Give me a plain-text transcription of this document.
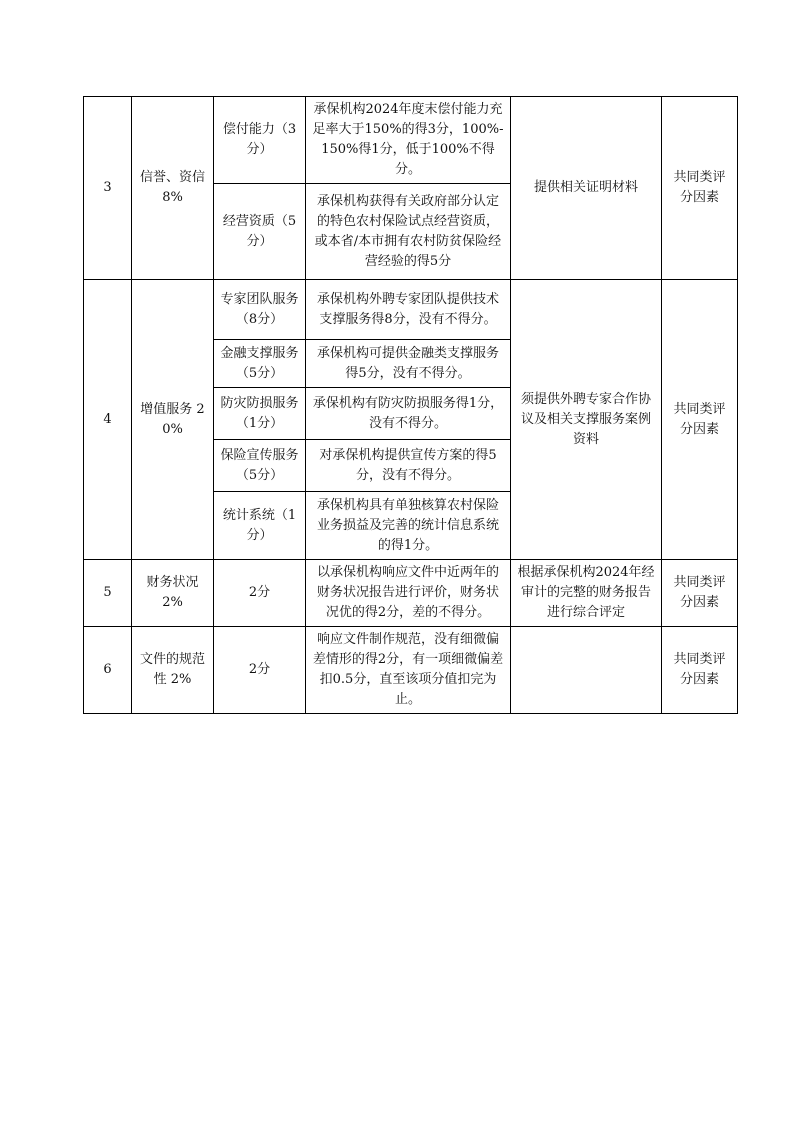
3	信誉、资信 8%	偿付能力（3分）	承保机构2024年度末偿付能力充足率大于150%的得3分，100%-150%得1分，低于100%不得分。	提供相关证明材料	共同类评分因素
		经营资质（5分）	承保机构获得有关政府部分认定的特色农村保险试点经营资质，或本省/本市拥有农村防贫保险经营经验的得5分		
4	增值服务 20%	专家团队服务（8分）	承保机构外聘专家团队提供技术支撑服务得8分，没有不得分。	须提供外聘专家合作协议及相关支撑服务案例资料	共同类评分因素
		金融支撑服务（5分）	承保机构可提供金融类支撑服务得5分，没有不得分。		
		防灾防损服务（1分）	承保机构有防灾防损服务得1分，没有不得分。		
		保险宣传服务（5分）	对承保机构提供宣传方案的得5分，没有不得分。		
		统计系统（1分）	承保机构具有单独核算农村保险业务损益及完善的统计信息系统的得1分。		
5	财务状况 2%	2分	以承保机构响应文件中近两年的财务状况报告进行评价，财务状况优的得2分，差的不得分。	根据承保机构2024年经审计的完整的财务报告进行综合评定	共同类评分因素
6	文件的规范性 2%	2分	响应文件制作规范，没有细微偏差情形的得2分，有一项细微偏差扣0.5分，直至该项分值扣完为止。		共同类评分因素
